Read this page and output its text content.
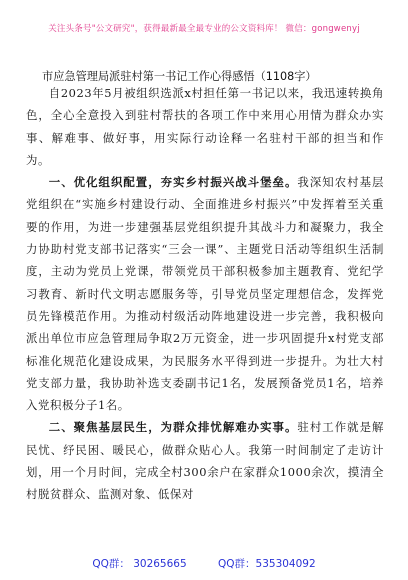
关注头条号"公文研究"，获得最新最全最专业的公文资料库！ 微信：gongwenyj
市应急管理局派驻村第一书记工作心得感悟（1108字）

自2023年5月被组织选派x村担任第一书记以来，我迅速转换角色，全心全意投入到驻村帮扶的各项工作中来用心用情为群众办实事、解难事、做好事，用实际行动诠释一名驻村干部的担当和作为。

一、优化组织配置，夯实乡村振兴战斗堡垒。我深知农村基层党组织在“实施乡村建设行动、全面推进乡村振兴”中发挥着至关重要的作用，为进一步建强基层党组织提升其战斗力和凝聚力，我全力协助村党支部书记落实“三会一课”、主题党日活动等组织生活制度，主动为党员上党课，带领党员干部积极参加主题教育、党纪学习教育、新时代文明志愿服务等，引导党员坚定理想信念，发挥党员先锋模范作用。为推动村级活动阵地建设进一步完善，我积极向派出单位市应急管理局争取2万元资金，进一步巩固提升x村党支部标准化规范化建设成果，为民服务水平得到进一步提升。为壮大村党支部力量，我协助补选支委副书记1名，发展预备党员1名，培养入党积极分子1名。

二、聚焦基层民生，为群众排忧解难办实事。驻村工作就是解民忧、纾民困、暖民心，做群众贴心人。我第一时间制定了走访计划，用一个月时间，完成全村300余户在家群众1000余次，摸清全村脱贫群众、监测对象、低保对

QQ群： 30265665	QQ群：535304092
